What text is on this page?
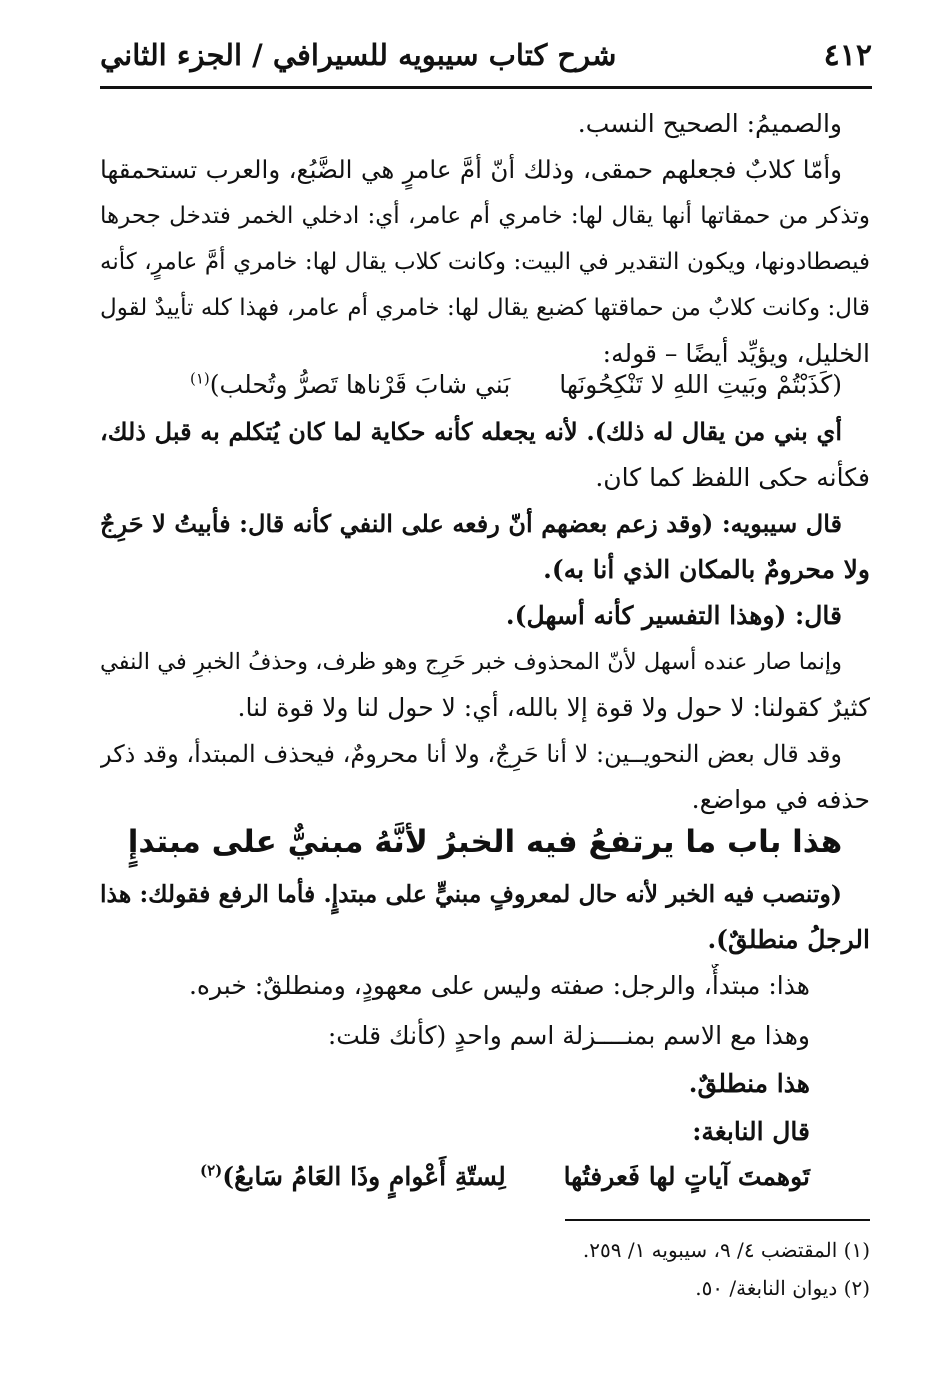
٤١٢
شرح كتاب سيبويه للسيرافي / الجزء الثاني
والصميمُ: الصحيح النسب.
وأمّا كلابٌ فجعلهم حمقى، وذلك أنّ أمَّ عامرٍ هي الضَّبُع، والعرب تستحمقها
وتذكر من حمقاتها أنها يقال لها: خامري أم عامر، أي: ادخلي الخمر فتدخل جحرها
فيصطادونها، ويكون التقدير في البيت: وكانت كلاب يقال لها: خامري أمَّ عامرٍ، كأنه
قال: وكانت كلابٌ من حماقتها كضبع يقال لها: خامري أم عامر، فهذا كله تأييدٌ لقول
الخليل، ويؤيِّد أيضًا – قوله:
(كَذَبْتُمْ وبَيتِ اللهِ لا تَنْكِحُونَها
بَني شابَ قَرْناها تَصرُّ وتُحلب)$^{(١)}$
أي بني من يقال له ذلك). لأنه يجعله كأنه حكاية لما كان يُتكلم به قبل ذلك،
فكأنه حكى اللفظ كما كان.
قال سيبويه: (وقد زعم بعضهم أنّ رفعه على النفي كأنه قال: فأبيتُ لا حَرِجٌ
ولا محرومٌ بالمكان الذي أنا به).
قال: (وهذا التفسير كأنه أسهل).
وإنما صار عنده أسهل لأنّ المحذوف خبر حَرِج وهو ظرف، وحذفُ الخبرِ في النفي
كثيرٌ كقولنا: لا حول ولا قوة إلا بالله، أي: لا حول لنا ولا قوة لنا.
وقد قال بعض النحويــين: لا أنا حَرِجٌ، ولا أنا محرومٌ، فيحذف المبتدأ، وقد ذكر
حذفه في مواضع.
هذا باب ما يرتفعُ فيه الخبرُ لأنَّهُ مبنيٌّ على مبتدإٍ
(وتنصب فيه الخبر لأنه حال لمعروفٍ مبنيٍّ على مبتدإٍ. فأما الرفع فقولك: هذا
الرجلُ منطلقٌ).
هذا: مبتدأٌ، والرجل: صفته وليس على معهودٍ، ومنطلقٌ: خبره.
وهذا مع الاسم بمنــــزلة اسم واحدٍ (كأنك قلت:
هذا منطلقٌ.
قال النابغة:
تَوهمتَ آياتٍ لها فَعرفتُها
لِستّةِ أَعْوامٍ وذَا العَامُ سَابعُ)$^{(٢)}$
(١) المقتضب ٤/ ٩، سيبويه ١/ ٢٥٩.
(٢) ديوان النابغة/ ٥٠.
